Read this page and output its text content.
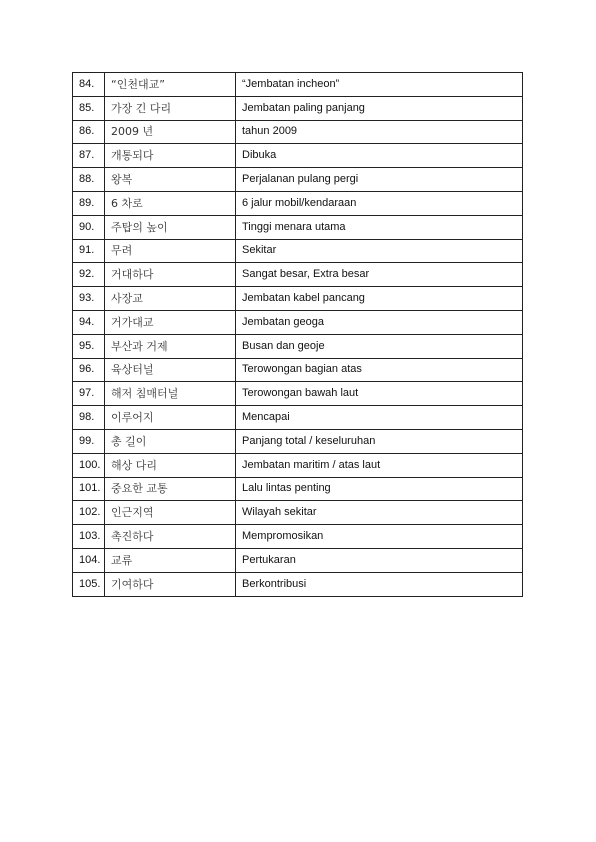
84.	“인천대교”	“Jembatan incheon”
85.	가장 긴 다리	Jembatan paling panjang
86.	2009 년	tahun 2009
87.	개통되다	Dibuka
88.	왕복	Perjalanan pulang pergi
89.	6 차로	6 jalur mobil/kendaraan
90.	주탑의 높이	Tinggi menara utama
91.	무려	Sekitar
92.	거대하다	Sangat besar, Extra besar
93.	사장교	Jembatan kabel pancang
94.	거가대교	Jembatan geoga
95.	부산과 거제	Busan dan geoje
96.	육상터널	Terowongan bagian atas
97.	해저 침매터널	Terowongan bawah laut
98.	이루어지	Mencapai
99.	총 길이	Panjang total / keseluruhan
100.	해상 다리	Jembatan maritim / atas laut
101.	중요한 교통	Lalu lintas penting
102.	인근지역	Wilayah sekitar
103.	촉진하다	Mempromosikan
104.	교류	Pertukaran
105.	기여하다	Berkontribusi
